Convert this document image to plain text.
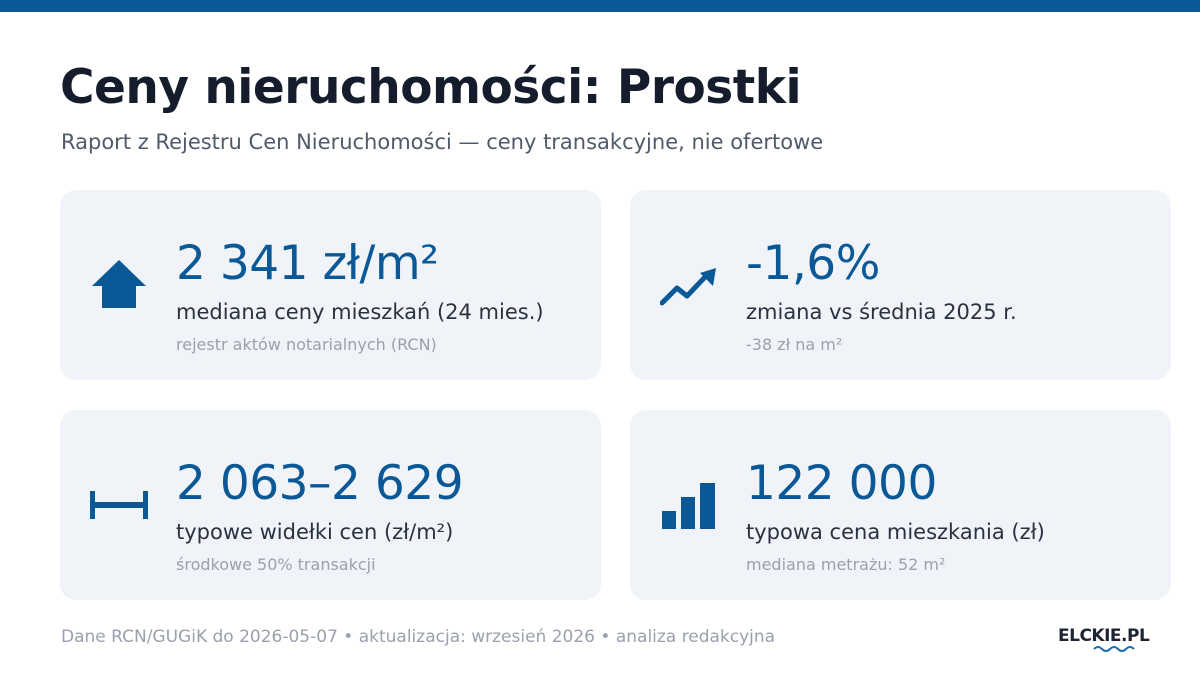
Ceny nieruchomości: Prostki
Raport z Rejestru Cen Nieruchomości — ceny transakcyjne, nie ofertowe
2 341 zł/m²
mediana ceny mieszkań (24 mies.)
rejestr aktów notarialnych (RCN)
-1,6%
zmiana vs średnia 2025 r.
-38 zł na m²
2 063–2 629
typowe widełki cen (zł/m²)
środkowe 50% transakcji
122 000
typowa cena mieszkania (zł)
mediana metrażu: 52 m²
Dane RCN/GUGiK do 2026-05-07 • aktualizacja: wrzesień 2026 • analiza redakcyjna	ELCKIE.PL
